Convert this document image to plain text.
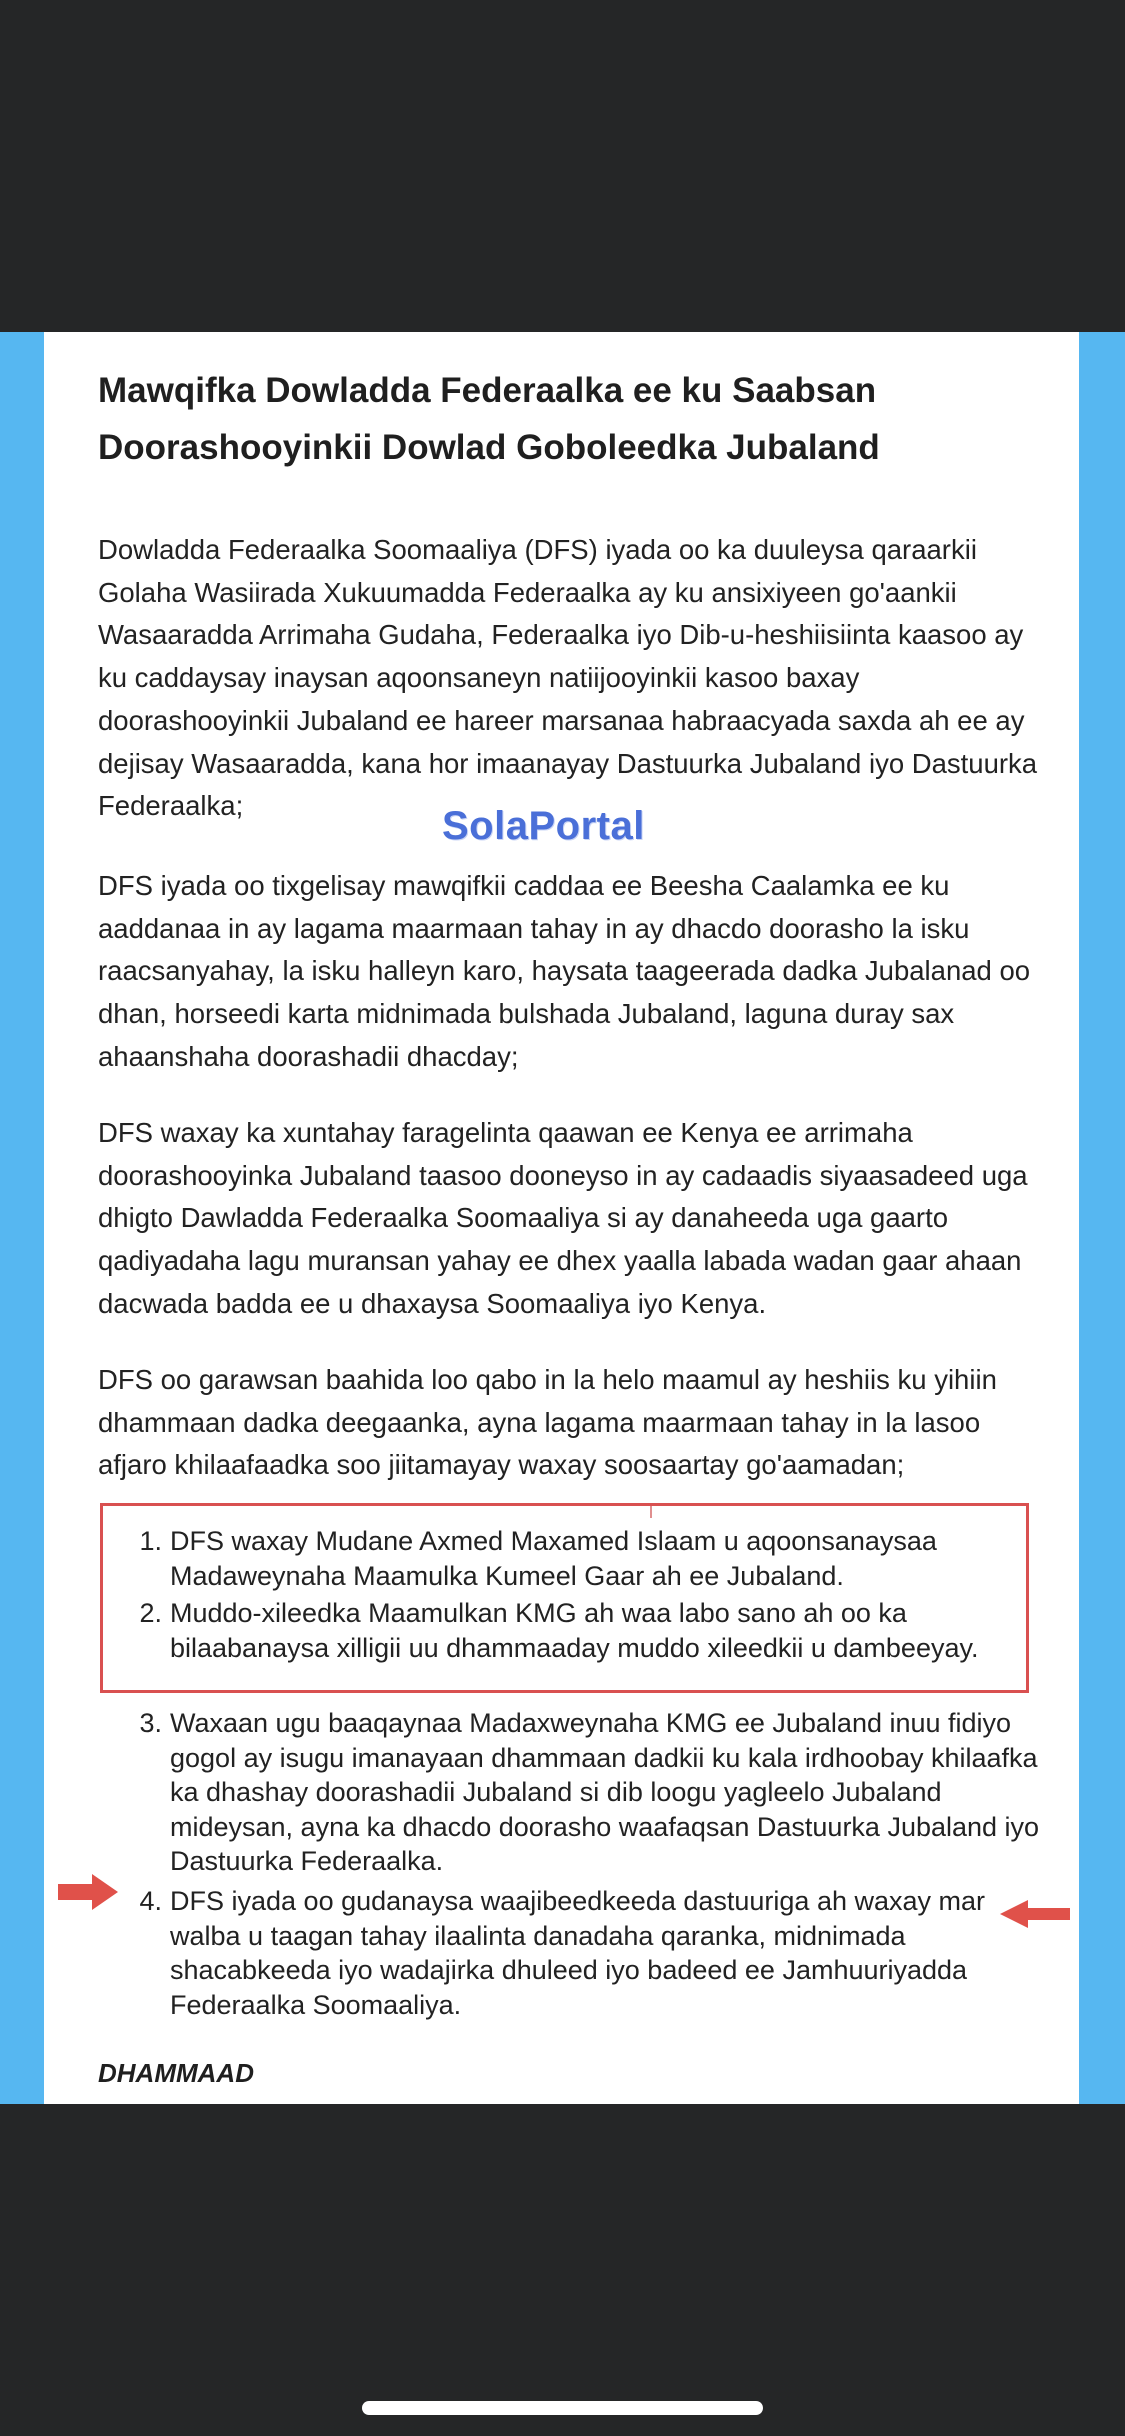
Mawqifka Dowladda Federaalka ee ku Saabsan Doorashooyinkii Dowlad Goboleedka Jubaland

Dowladda Federaalka Soomaaliya (DFS) iyada oo ka duuleysa qaraarkii Golaha Wasiirada Xukuumadda Federaalka ay ku ansixiyeen go'aankii Wasaaradda Arrimaha Gudaha, Federaalka iyo Dib-u-heshiisiinta kaasoo ay ku caddaysay inaysan aqoonsaneyn natiijooyinkii kasoo baxay doorashooyinkii Jubaland ee hareer marsanaa habraacyada saxda ah ee ay dejisay Wasaaradda, kana hor imaanayay Dastuurka Jubaland iyo Dastuurka Federaalka;

DFS iyada oo tixgelisay mawqifkii caddaa ee Beesha Caalamka ee ku aaddanaa in ay lagama maarmaan tahay in ay dhacdo doorasho la isku raacsanyahay, la isku halleyn karo, haysata taageerada dadka Jubalanad oo dhan, horseedi karta midnimada bulshada Jubaland, laguna duray sax ahaanshaha doorashadii dhacday;

DFS waxay ka xuntahay faragelinta qaawan ee Kenya ee arrimaha doorashooyinka Jubaland taasoo dooneyso in ay cadaadis siyaasadeed uga dhigto Dawladda Federaalka Soomaaliya si ay danaheeda uga gaarto qadiyadaha lagu muransan yahay ee dhex yaalla labada wadan gaar ahaan dacwada badda ee u dhaxaysa Soomaaliya iyo Kenya.

DFS oo garawsan baahida loo qabo in la helo maamul ay heshiis ku yihiin dhammaan dadka deegaanka, ayna lagama maarmaan tahay in la lasoo afjaro khilaafaadka soo jiitamayay waxay soosaartay go'aamadan;

SolaPortal
1. DFS waxay Mudane Axmed Maxamed Islaam u aqoonsanaysaa Madaweynaha Maamulka Kumeel Gaar ah ee Jubaland.
2. Muddo-xileedka Maamulkan KMG ah waa labo sano ah oo ka bilaabanaysa xilligii uu dhammaaday muddo xileedkii u dambeeyay.
3. Waxaan ugu baaqaynaa Madaxweynaha KMG ee Jubaland inuu fidiyo gogol ay isugu imanayaan dhammaan dadkii ku kala irdhoobay khilaafka ka dhashay doorashadii Jubaland si dib loogu yagleelo Jubaland mideysan, ayna ka dhacdo doorasho waafaqsan Dastuurka Jubaland iyo Dastuurka Federaalka.
4. DFS iyada oo gudanaysa waajibeedkeeda dastuuriga ah waxay mar walba u taagan tahay ilaalinta danadaha qaranka, midnimada shacabkeeda iyo wadajirka dhuleed iyo badeed ee Jamhuuriyadda Federaalka Soomaaliya.

DHAMMAAD
